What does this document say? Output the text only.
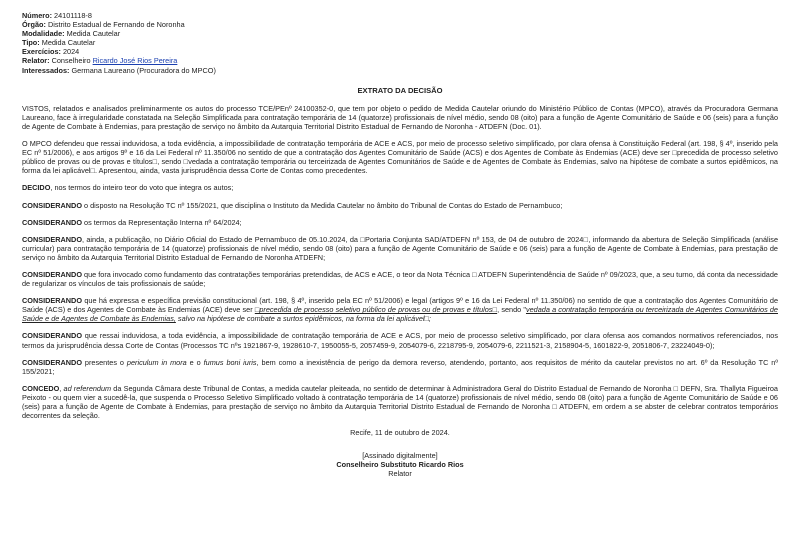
Número: 24101118-8

Órgão: Distrito Estadual de Fernando de Noronha

Modalidade: Medida Cautelar

Tipo: Medida Cautelar

Exercícios: 2024

Relator: Conselheiro Ricardo José Rios Pereira

Interessados: Germana Laureano (Procuradora do MPCO)

EXTRATO DA DECISÃO

VISTOS, relatados e analisados preliminarmente os autos do processo TCE/PEnº 24100352-0, que tem por objeto o pedido de Medida Cautelar oriundo do Ministério Público de Contas (MPCO), através da Procuradora Germana Laureano, face à irregularidade constatada na Seleção Simplificada para contratação temporária de 14 (quatorze) profissionais de nível médio, sendo 08 (oito) para a função de Agente Comunitário de Saúde e 06 (seis) para a função de Agente de Combate à Endemias, para prestação de serviço no âmbito da Autarquia Territorial Distrito Estadual de Fernando de Noronha - ATDEFN (Doc. 01).

O MPCO defendeu que ressai induvidosa, a toda evidência, a impossibilidade de contratação temporária de ACE e ACS, por meio de processo seletivo simplificado, por clara ofensa à Constituição Federal (art. 198, § 4º, inserido pela EC nº 51/2006), e aos artigos 9º e 16 da Lei Federal nº 11.350/06 no sentido de que a contratação dos Agentes Comunitário de Saúde (ACS) e dos Agentes de Combate às Endemias (ACE) deve ser □precedida de processo seletivo público de provas ou de provas e títulos□, sendo □vedada a contratação temporária ou terceirizada de Agentes Comunitários de Saúde e de Agentes de Combate às Endemias, salvo na hipótese de combate a surtos epidêmicos, na forma da lei aplicável□. Apresentou, ainda, vasta jurisprudência dessa Corte de Contas como precedentes.

DECIDO, nos termos do inteiro teor do voto que integra os autos;

CONSIDERANDO o disposto na Resolução TC nº 155/2021, que disciplina o Instituto da Medida Cautelar no âmbito do Tribunal de Contas do Estado de Pernambuco;

CONSIDERANDO os termos da Representação Interna nº 64/2024;

CONSIDERANDO, ainda, a publicação, no Diário Oficial do Estado de Pernambuco de 05.10.2024, da □Portaria Conjunta SAD/ATDEFN nº 153, de 04 de outubro de 2024□, informando da abertura de Seleção Simplificada (análise curricular) para contratação temporária de 14 (quatorze) profissionais de nível médio, sendo 08 (oito) para a função de Agente Comunitário de Saúde e 06 (seis) para a função de Agente de Combate à Endemias, para prestação de serviço no âmbito da Autarquia Territorial Distrito Estadual de Fernando de Noronha ATDEFN;

CONSIDERANDO que fora invocado como fundamento das contratações temporárias pretendidas, de ACS e ACE, o teor da Nota Técnica □ ATDEFN Superintendência de Saúde nº 09/2023, que, a seu turno, dá conta da necessidade de regularizar os vínculos de tais profissionais de saúde;

CONSIDERANDO que há expressa e específica previsão constitucional (art. 198, § 4º, inserido pela EC nº 51/2006) e legal (artigos 9º e 16 da Lei Federal nº 11.350/06) no sentido de que a contratação dos Agentes Comunitário de Saúde (ACS) e dos Agentes de Combate às Endemias (ACE) deve ser □precedida de processo seletivo público de provas ou de provas e títulos□, sendo "vedada a contratação temporária ou terceirizada de Agentes Comunitários de Saúde e de Agentes de Combate às Endemias, salvo na hipótese de combate a surtos epidêmicos, na forma da lei aplicável□;

CONSIDERANDO que ressai induvidosa, a toda evidência, a impossibilidade de contratação temporária de ACE e ACS, por meio de processo seletivo simplificado, por clara ofensa aos comandos normativos referenciados, nos termos da jurisprudência dessa Corte de Contas (Processos TC nºs 1921867-9, 1928610-7, 1950055-5, 2057459-9, 2054079-6, 2218795-9, 2054079-6, 2211521-3, 2158904-5, 1601822-9, 2051806-7, 23224049-0);

CONSIDERANDO presentes o periculum in mora e o fumus boni iuris, bem como a inexistência de perigo da demora reverso, atendendo, portanto, aos requisitos de mérito da cautelar previstos no art. 6º da Resolução TC nº 155/2021;

CONCEDO, ad referendum da Segunda Câmara deste Tribunal de Contas, a medida cautelar pleiteada, no sentido de determinar à Administradora Geral do Distrito Estadual de Fernando de Noronha □ DEFN, Sra. Thallyta Figueiroa Peixoto - ou quem vier a sucedê-la, que suspenda o Processo Seletivo Simplificado voltado à contratação temporária de 14 (quatorze) profissionais de nível médio, sendo 08 (oito) para a função de Agente Comunitário de Saúde e 06 (seis) para a função de Agente de Combate à Endemias, para prestação de serviço no âmbito da Autarquia Territorial Distrito Estadual de Fernando de Noronha □ ATDEFN, em ordem a se abster de celebrar contratos temporários decorrentes da seleção.

Recife, 11 de outubro de 2024.
[Assinado digitalmente]
Conselheiro Substituto Ricardo Rios
Relator
